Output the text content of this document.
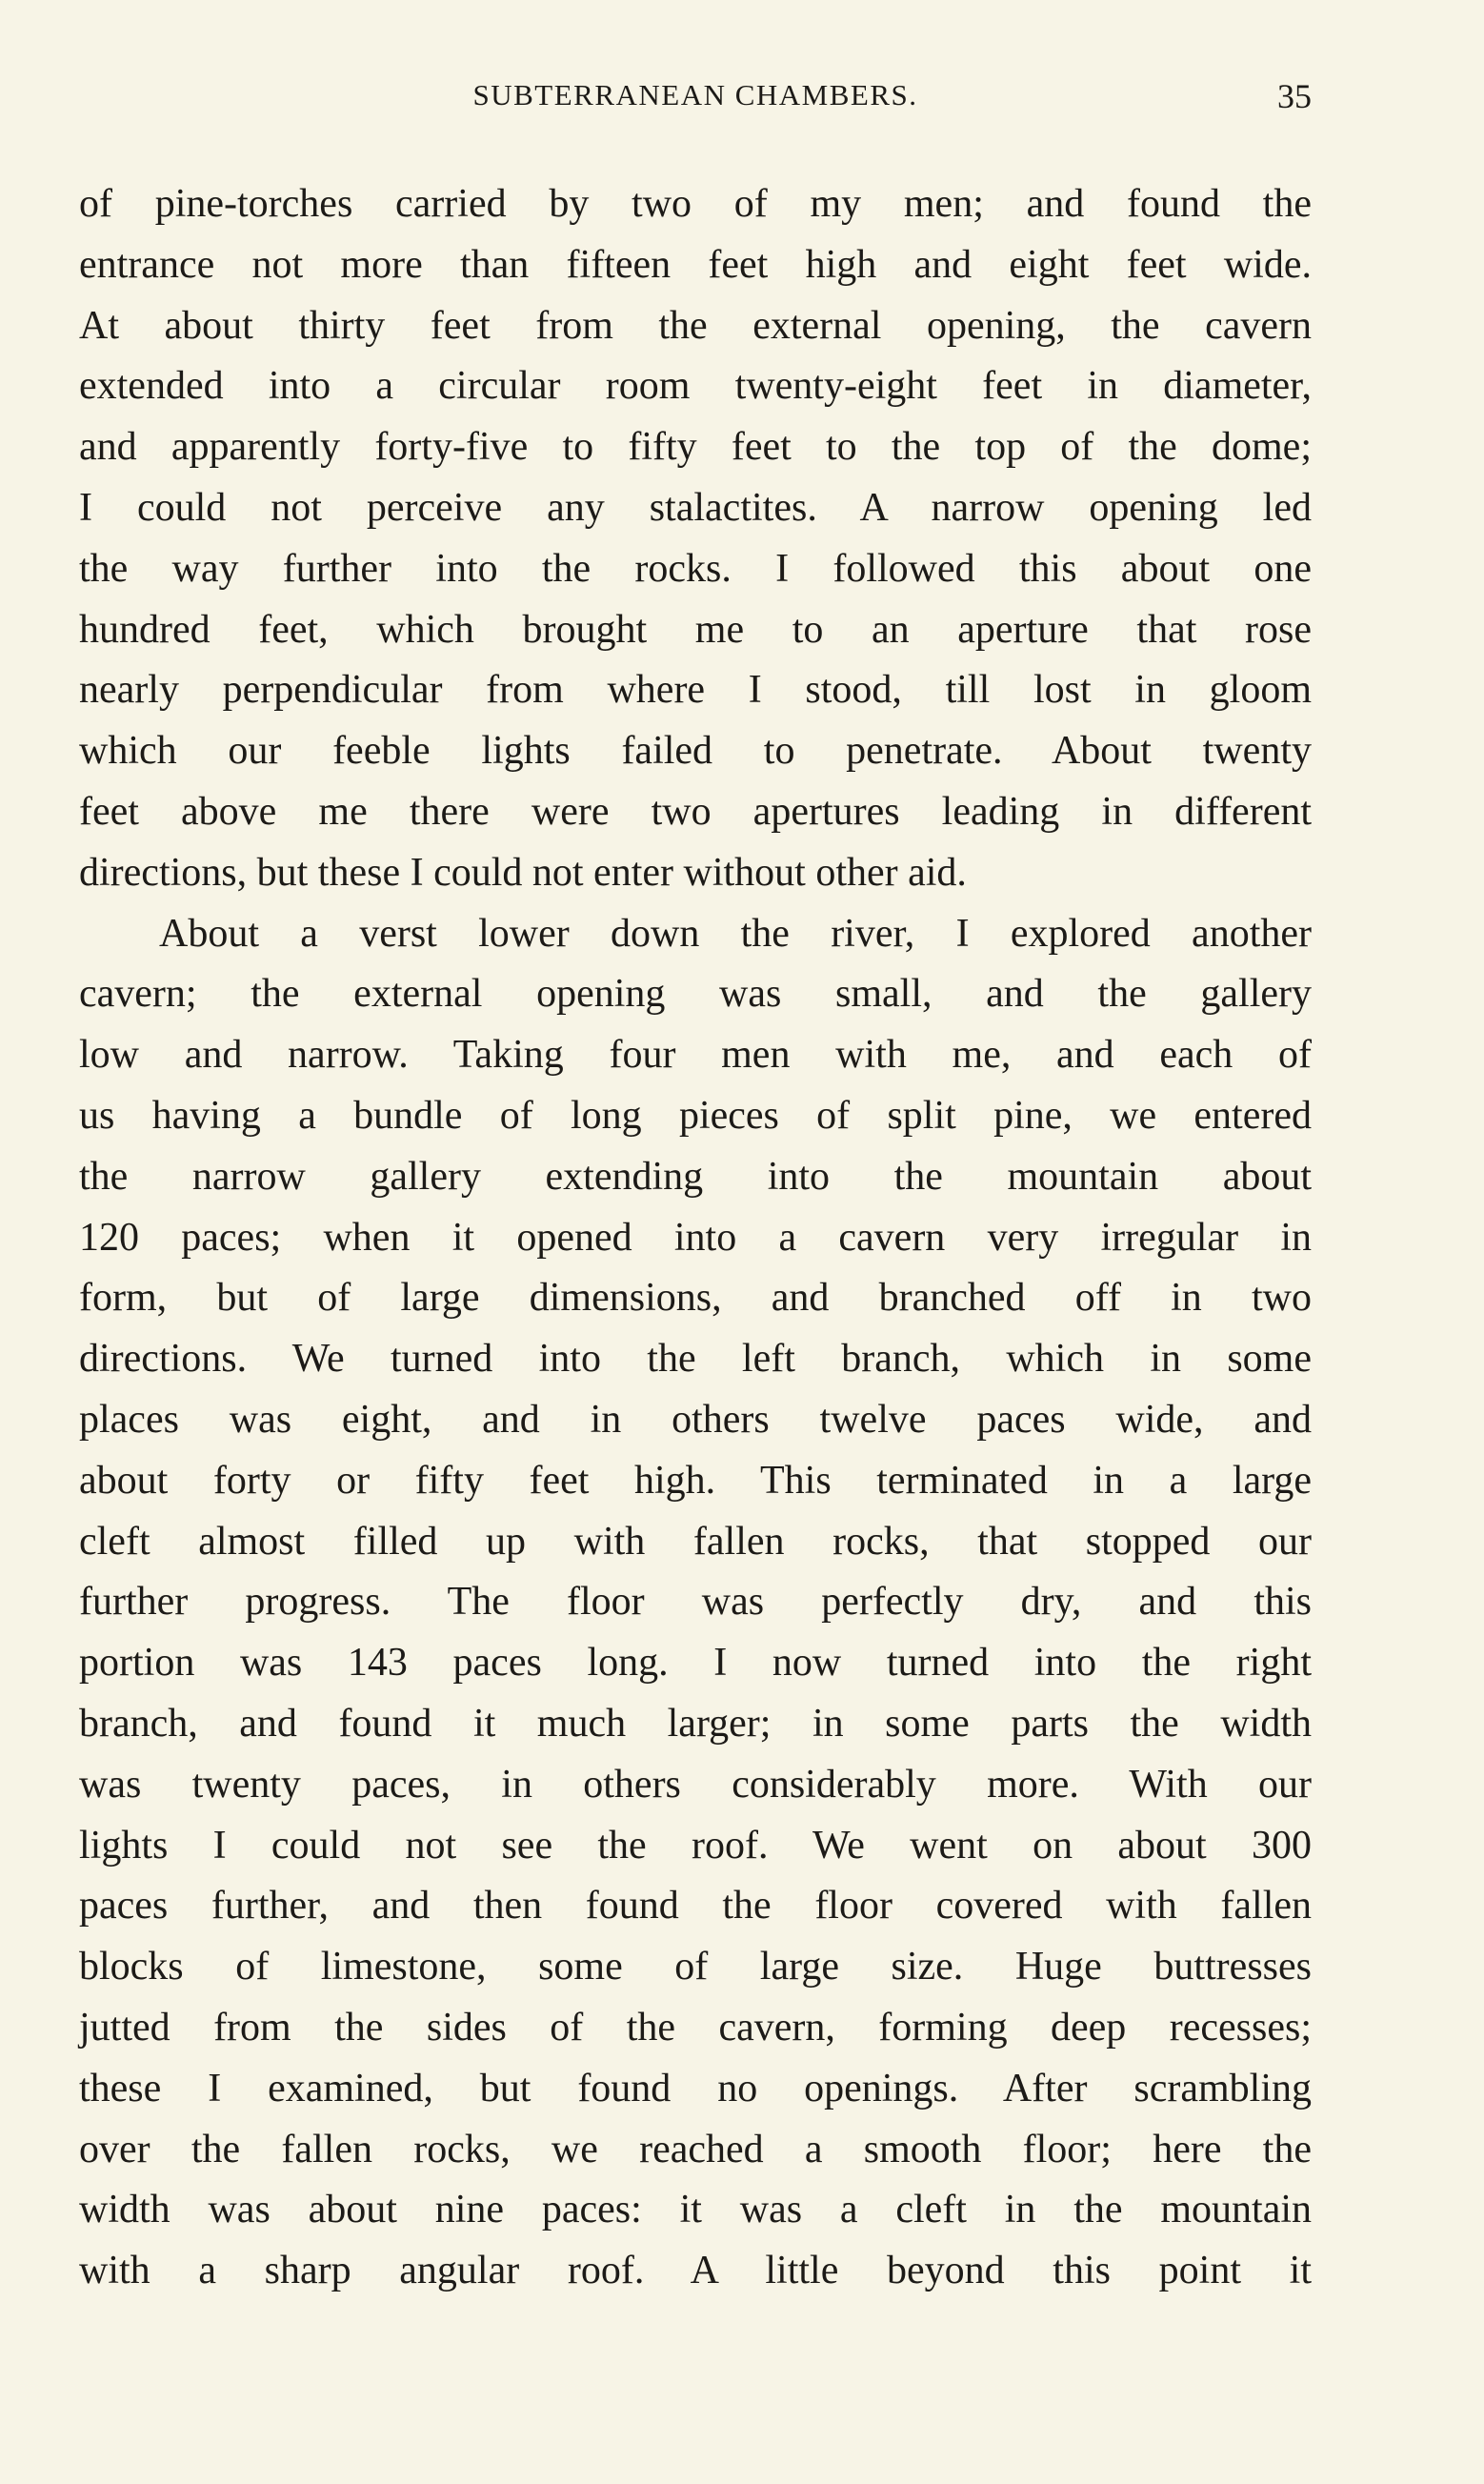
SUBTERRANEAN CHAMBERS.	35
of pine-torches carried by two of my men; and found the
entrance not more than fifteen feet high and eight feet wide.
At about thirty feet from the external opening, the cavern
extended into a circular room twenty-eight feet in diameter,
and apparently forty-five to fifty feet to the top of the dome;
I could not perceive any stalactites. A narrow opening led
the way further into the rocks. I followed this about one
hundred feet, which brought me to an aperture that rose
nearly perpendicular from where I stood, till lost in gloom
which our feeble lights failed to penetrate. About twenty
feet above me there were two apertures leading in different
directions, but these I could not enter without other aid.
About a verst lower down the river, I explored another
cavern; the external opening was small, and the gallery
low and narrow. Taking four men with me, and each of
us having a bundle of long pieces of split pine, we entered
the narrow gallery extending into the mountain about
120 paces; when it opened into a cavern very irregular in
form, but of large dimensions, and branched off in two
directions. We turned into the left branch, which in some
places was eight, and in others twelve paces wide, and
about forty or fifty feet high. This terminated in a large
cleft almost filled up with fallen rocks, that stopped our
further progress. The floor was perfectly dry, and this
portion was 143 paces long. I now turned into the right
branch, and found it much larger; in some parts the width
was twenty paces, in others considerably more. With our
lights I could not see the roof. We went on about 300
paces further, and then found the floor covered with fallen
blocks of limestone, some of large size. Huge buttresses
jutted from the sides of the cavern, forming deep recesses;
these I examined, but found no openings. After scrambling
over the fallen rocks, we reached a smooth floor; here the
width was about nine paces: it was a cleft in the mountain
with a sharp angular roof. A little beyond this point it
